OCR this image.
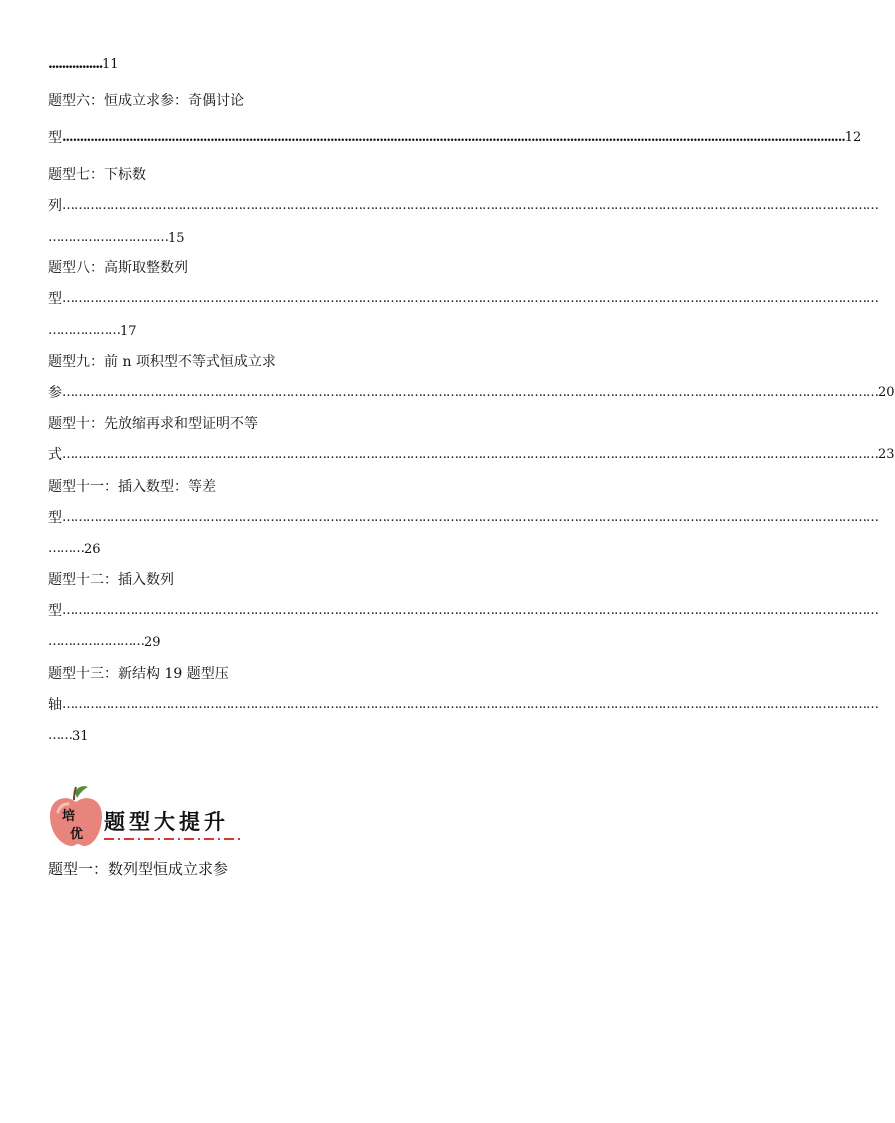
................11
题型六：恒成立求参：奇偶讨论
型 .............................................................................................................................................................................................................................. 12
题型七：下标数
列 ……………………………………………………………………………………………………………………………………………………………………………………
…………………………15
题型八：高斯取整数列
型 ……………………………………………………………………………………………………………………………………………………………………………………
………………17
题型九：前 n 项积型不等式恒成立求
参 …………………………………………………………………………………………………………………………………………………………………………………… 20
题型十：先放缩再求和型证明不等
式 …………………………………………………………………………………………………………………………………………………………………………………… 23
题型十一：插入数型：等差
型 ……………………………………………………………………………………………………………………………………………………………………………………
………26
题型十二：插入数列
型 ……………………………………………………………………………………………………………………………………………………………………………………
……………………29
题型十三：新结构 19 题型压
轴 ……………………………………………………………………………………………………………………………………………………………………………………
……31
培
优
题型大提升
题型一：数列型恒成立求参
